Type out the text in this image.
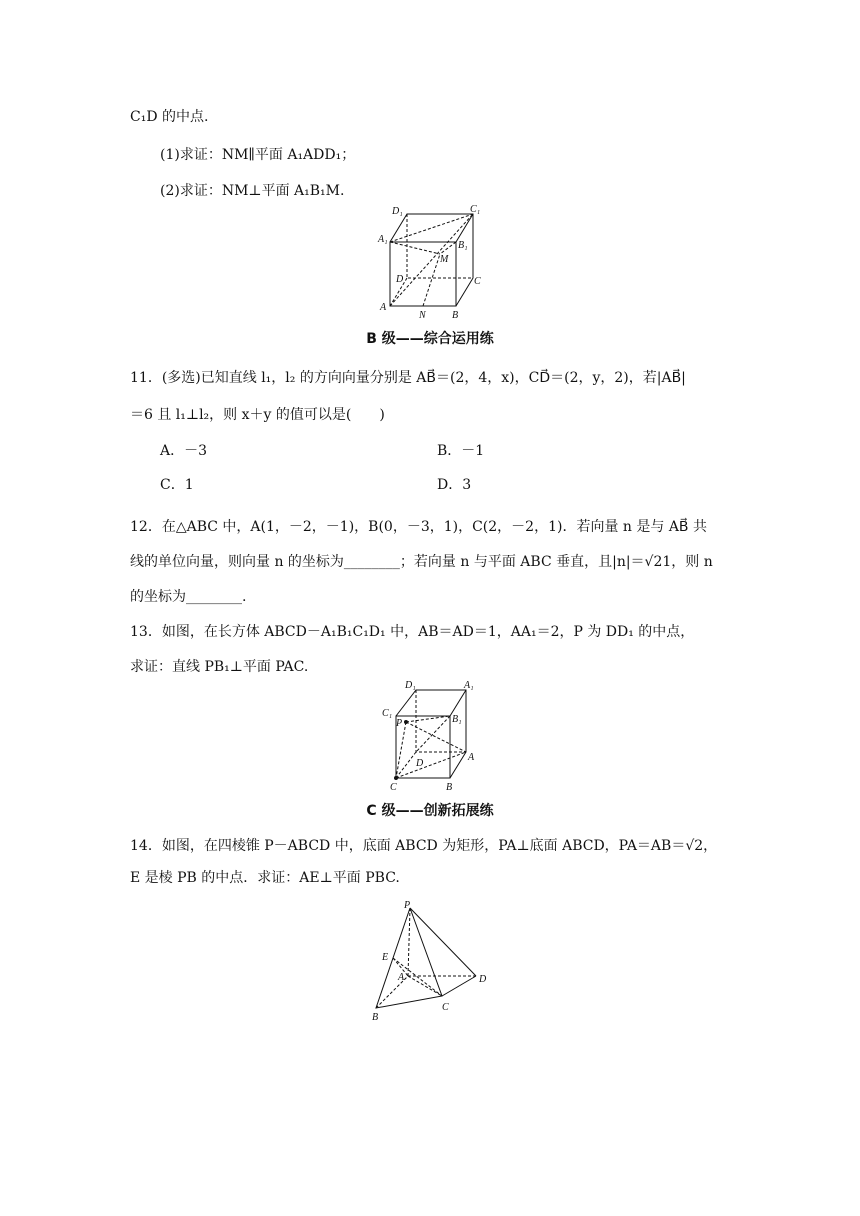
C₁D 的中点.
(1)求证：NM∥平面 A₁ADD₁；
(2)求证：NM⊥平面 A₁B₁M.
D₁	C₁
A₁
B₁
M
D	C
A
N	B
B 级——综合运用练
11．(多选)已知直线 l₁，l₂ 的方向向量分别是 AB⃗＝(2，4，x)，CD⃗＝(2，y，2)，若|AB⃗|
＝6 且 l₁⊥l₂，则 x＋y 的值可以是(　　)
A．－3	B．－1
C．1	D．3
12．在△ABC 中，A(1，－2，－1)，B(0，－3，1)，C(2，－2，1)．若向量 n 是与 AB⃗ 共
线的单位向量，则向量 n 的坐标为________；若向量 n 与平面 ABC 垂直，且|n|＝√21，则 n
的坐标为________.
13．如图，在长方体 ABCD－A₁B₁C₁D₁ 中，AB＝AD＝1，AA₁＝2，P 为 DD₁ 的中点，
求证：直线 PB₁⊥平面 PAC.
D₁	A₁
C₁
P	B₁
A
D
C	B
C 级——创新拓展练
14．如图，在四棱锥 P－ABCD 中，底面 ABCD 为矩形，PA⊥底面 ABCD，PA＝AB＝√2，
E 是棱 PB 的中点．求证：AE⊥平面 PBC.
P
E
A	D
B
C
